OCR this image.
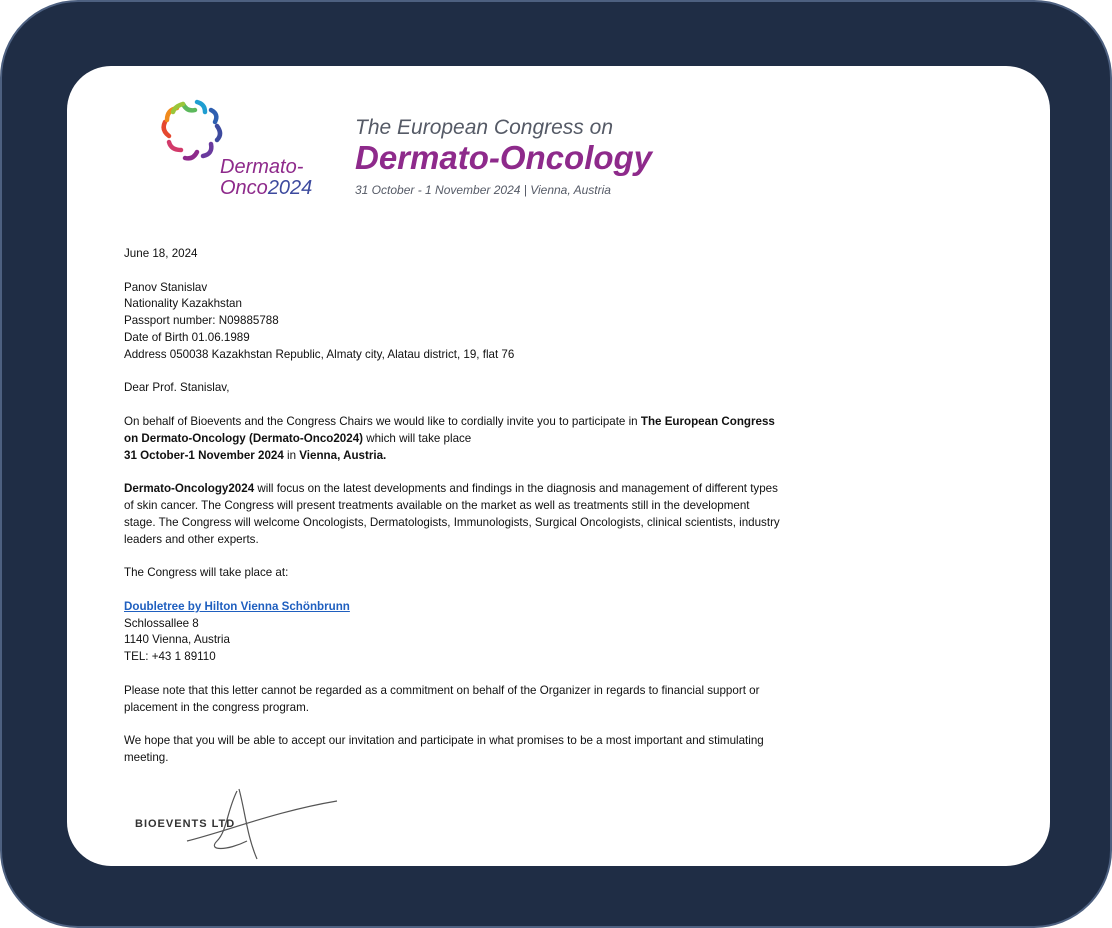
Dermato-
Onco2024
The European Congress on
Dermato-Oncology
31 October - 1 November 2024 | Vienna, Austria

June 18, 2024

Panov Stanislav

Nationality Kazakhstan

Passport number: N09885788

Date of Birth 01.06.1989

Address 050038 Kazakhstan Republic, Almaty city, Alatau district, 19, flat 76

Dear Prof. Stanislav,

On behalf of Bioevents and the Congress Chairs we would like to cordially invite you to participate in The European Congress on Dermato-Oncology (Dermato-Onco2024) which will take place
31 October-1 November 2024 in Vienna, Austria.

Dermato-Oncology2024 will focus on the latest developments and findings in the diagnosis and management of different types of skin cancer. The Congress will present treatments available on the market as well as treatments still in the development stage. The Congress will welcome Oncologists, Dermatologists, Immunologists, Surgical Oncologists, clinical scientists, industry leaders and other experts.

The Congress will take place at:

Doubletree by Hilton Vienna Schönbrunn

Schlossallee 8

1140 Vienna, Austria

TEL: +43 1 89110

Please note that this letter cannot be regarded as a commitment on behalf of the Organizer in regards to financial support or placement in the congress program.

We hope that you will be able to accept our invitation and participate in what promises to be a most important and stimulating meeting.

BIOEVENTS LTD
